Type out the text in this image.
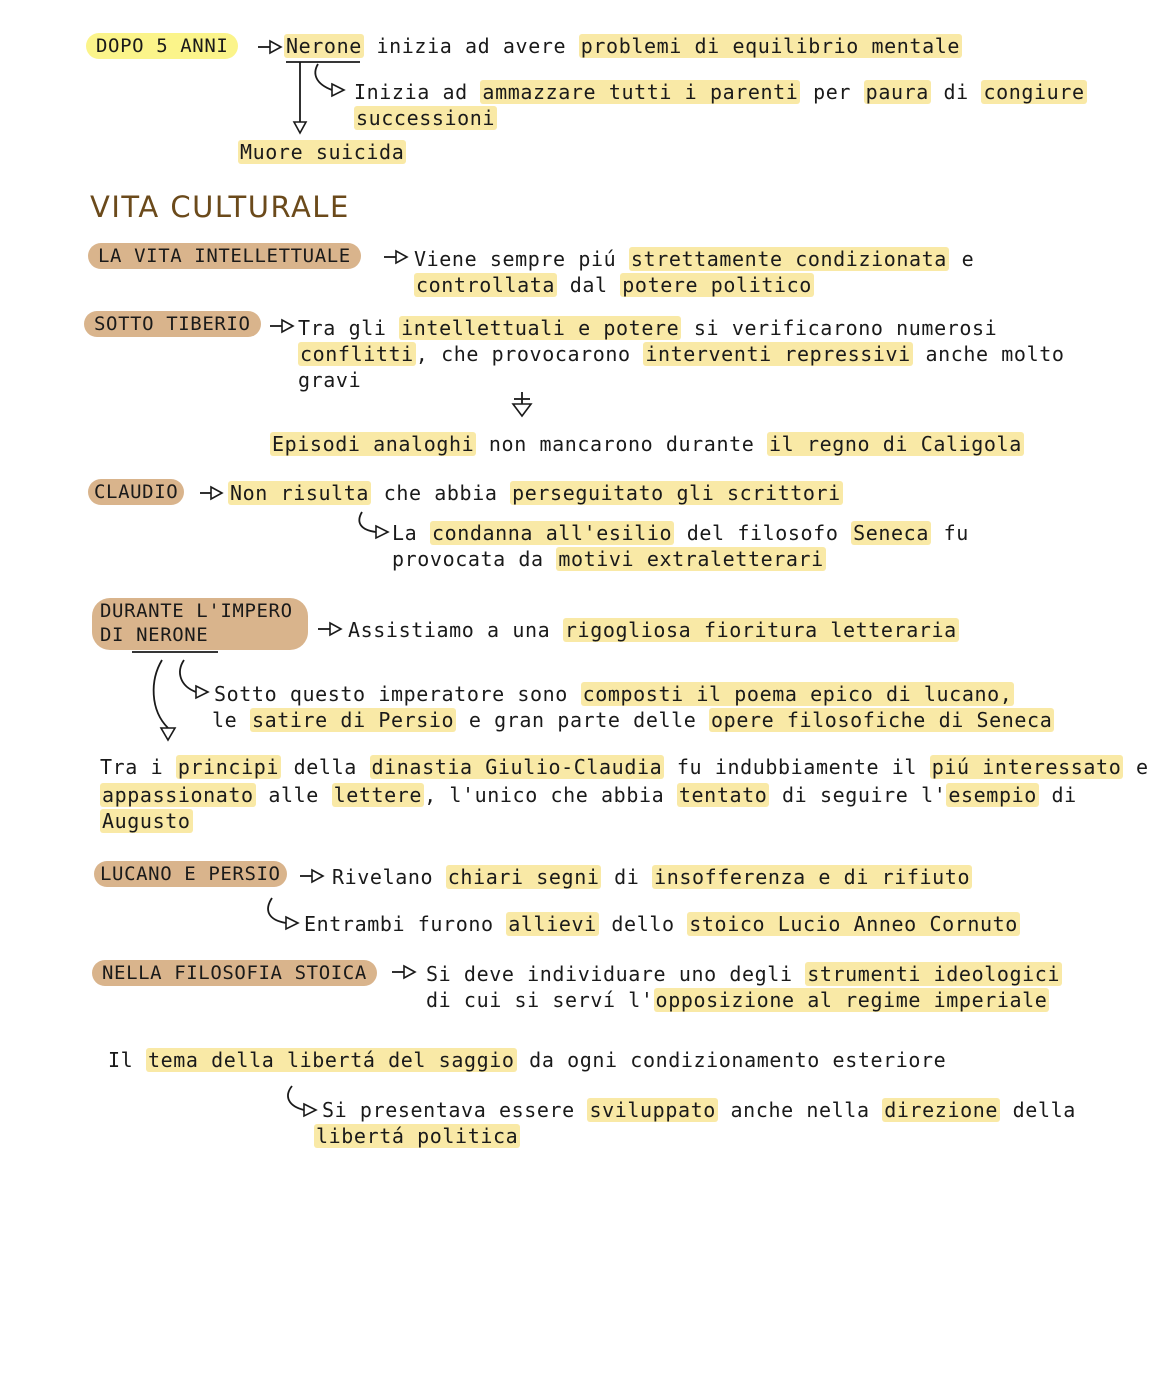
DOPO 5 ANNI	Nerone inizia ad avere problemi di equilibrio mentale
Inizia ad ammazzare tutti i parenti per paura di congiure
successioni
Muore suicida
VITA CULTURALE
LA VITA INTELLETTUALE	Viene sempre piú strettamente condizionata e
controllata dal potere politico
SOTTO TIBERIO	Tra gli intellettuali e potere si verificarono numerosi
conflitti , che provocarono interventi repressivi anche molto
gravi
Episodi analoghi non mancarono durante il regno di Caligola
CLAUDIO	Non risulta che abbia perseguitato gli scrittori
La condanna all'esilio del filosofo Seneca fu
provocata da motivi extraletterari
DURANTE L'IMPERO
DI NERONE	Assistiamo a una rigogliosa fioritura letteraria
Sotto questo imperatore sono composti il poema epico di lucano,
le satire di Persio e gran parte delle opere filosofiche di Seneca
Tra i principi della dinastia Giulio-Claudia fu indubbiamente il piú interessato e
appassionato alle lettere , l'unico che abbia tentato di seguire l' esempio di
Augusto
LUCANO E PERSIO	Rivelano chiari segni di insofferenza e di rifiuto
Entrambi furono allievi dello stoico Lucio Anneo Cornuto
NELLA FILOSOFIA STOICA	Si deve individuare uno degli strumenti ideologici
di cui si serví l' opposizione al regime imperiale
Il tema della libertá del saggio da ogni condizionamento esteriore
Si presentava essere sviluppato anche nella direzione della
libertá politica
